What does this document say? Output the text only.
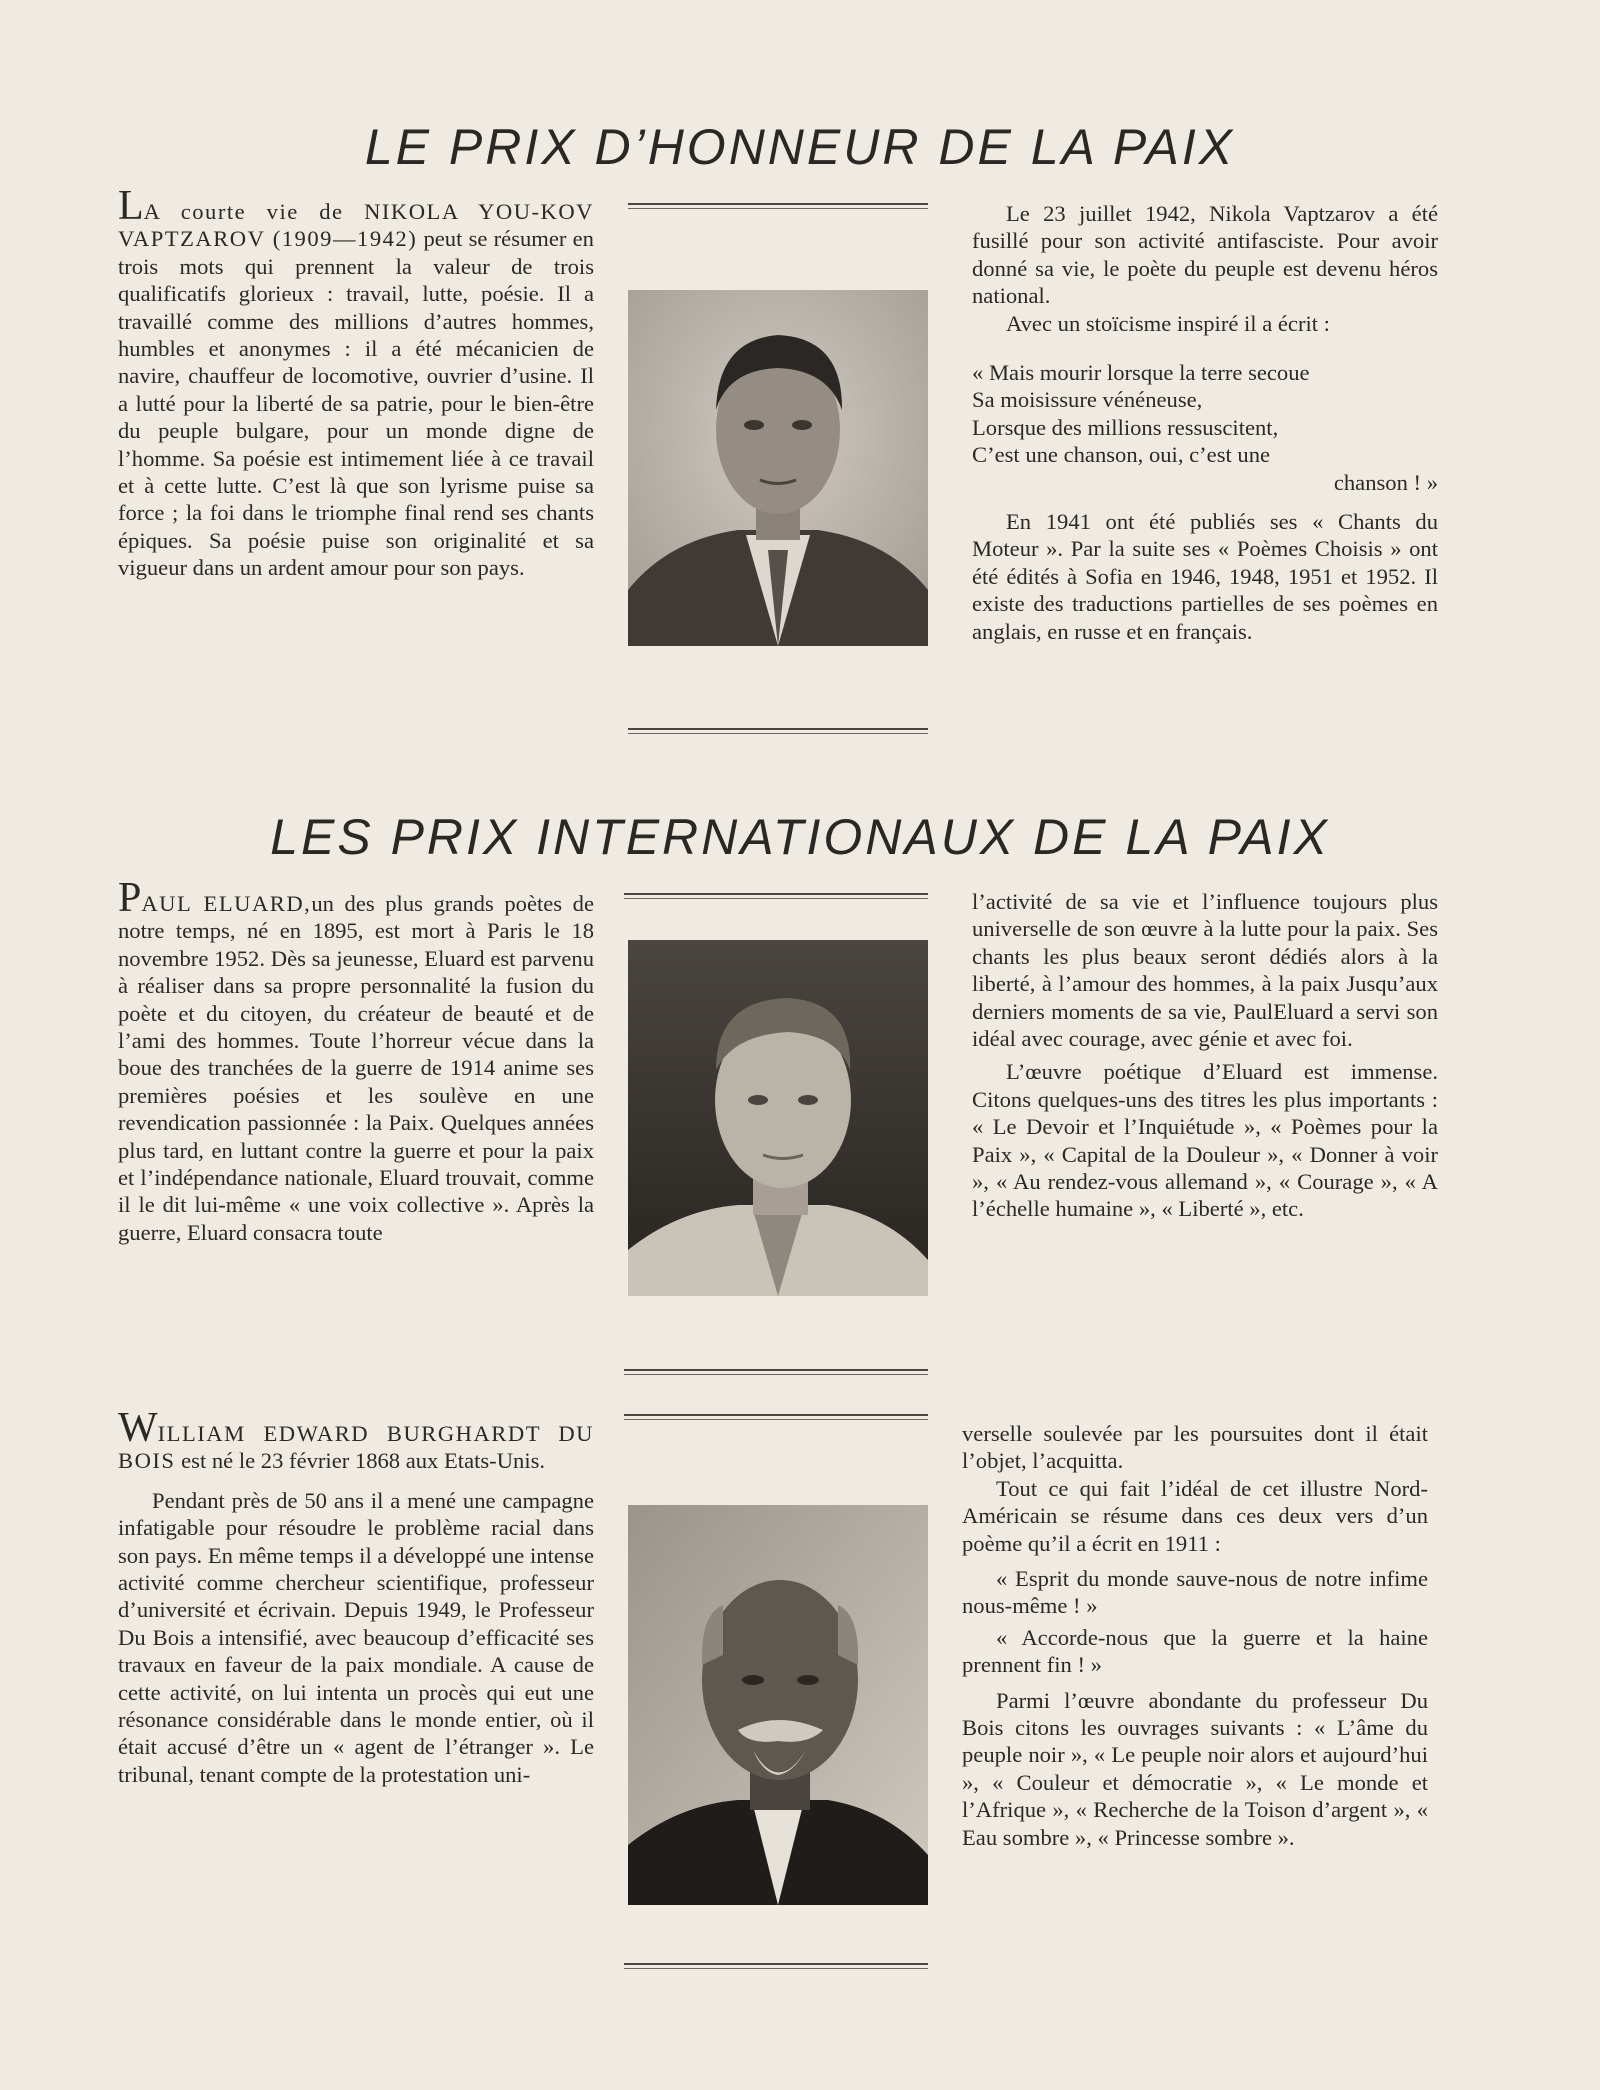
LE PRIX D’HONNEUR DE LA PAIX

LA courte vie de NIKOLA YOU-KOV VAPTZAROV (1909—1942) peut se résumer en trois mots qui prennent la valeur de trois qualificatifs glorieux : travail, lutte, poésie. Il a travaillé comme des millions d’autres hommes, humbles et anonymes : il a été mécanicien de navire, chauffeur de locomotive, ouvrier d’usine. Il a lutté pour la liberté de sa patrie, pour le bien-être du peuple bulgare, pour un monde digne de l’homme. Sa poésie est intimement liée à ce travail et à cette lutte. C’est là que son lyrisme puise sa force ; la foi dans le triomphe final rend ses chants épiques. Sa poésie puise son originalité et sa vigueur dans un ardent amour pour son pays.

Le 23 juillet 1942, Nikola Vaptzarov a été fusillé pour son activité antifasciste. Pour avoir donné sa vie, le poète du peuple est devenu héros national.

Avec un stoïcisme inspiré il a écrit :

« Mais mourir lorsque la terre secoue

Sa moisissure vénéneuse,

Lorsque des millions ressuscitent,

C’est une chanson, oui, c’est une

chanson ! »

En 1941 ont été publiés ses « Chants du Moteur ». Par la suite ses « Poèmes Choisis » ont été édités à Sofia en 1946, 1948, 1951 et 1952. Il existe des traductions partielles de ses poèmes en anglais, en russe et en français.

LES PRIX INTERNATIONAUX DE LA PAIX

PAUL ELUARD,un des plus grands poètes de notre temps, né en 1895, est mort à Paris le 18 novembre 1952. Dès sa jeunesse, Eluard est parvenu à réaliser dans sa propre personnalité la fusion du poète et du citoyen, du créateur de beauté et de l’ami des hommes. Toute l’horreur vécue dans la boue des tranchées de la guerre de 1914 anime ses premières poésies et les soulève en une revendication passionnée : la Paix. Quelques années plus tard, en luttant contre la guerre et pour la paix et l’indépendance nationale, Eluard trouvait, comme il le dit lui-même « une voix collective ». Après la guerre, Eluard consacra toute

l’activité de sa vie et l’influence toujours plus universelle de son œuvre à la lutte pour la paix. Ses chants les plus beaux seront dédiés alors à la liberté, à l’amour des hommes, à la paix Jusqu’aux derniers moments de sa vie, PaulEluard a servi son idéal avec courage, avec génie et avec foi.

L’œuvre poétique d’Eluard est immense. Citons quelques-uns des titres les plus importants : « Le Devoir et l’Inquiétude », « Poèmes pour la Paix », « Capital de la Douleur », « Donner à voir », « Au rendez-vous allemand », « Courage », « A l’échelle humaine », « Liberté », etc.

WILLIAM EDWARD BURGHARDT DU BOIS est né le 23 février 1868 aux Etats-Unis.

Pendant près de 50 ans il a mené une campagne infatigable pour résoudre le problème racial dans son pays. En même temps il a développé une intense activité comme chercheur scientifique, professeur d’université et écrivain. Depuis 1949, le Professeur Du Bois a intensifié, avec beaucoup d’efficacité ses travaux en faveur de la paix mondiale. A cause de cette activité, on lui intenta un procès qui eut une résonance considérable dans le monde entier, où il était accusé d’être un « agent de l’étranger ». Le tribunal, tenant compte de la protestation uni-

verselle soulevée par les poursuites dont il était l’objet, l’acquitta.

Tout ce qui fait l’idéal de cet illustre Nord-Américain se résume dans ces deux vers d’un poème qu’il a écrit en 1911 :

« Esprit du monde sauve-nous de notre infime nous-même ! »

« Accorde-nous que la guerre et la haine prennent fin ! »

Parmi l’œuvre abondante du professeur Du Bois citons les ouvrages suivants : « L’âme du peuple noir », « Le peuple noir alors et aujourd’hui », « Couleur et démocratie », « Le monde et l’Afrique », « Recherche de la Toison d’argent », « Eau sombre », « Princesse sombre ».
